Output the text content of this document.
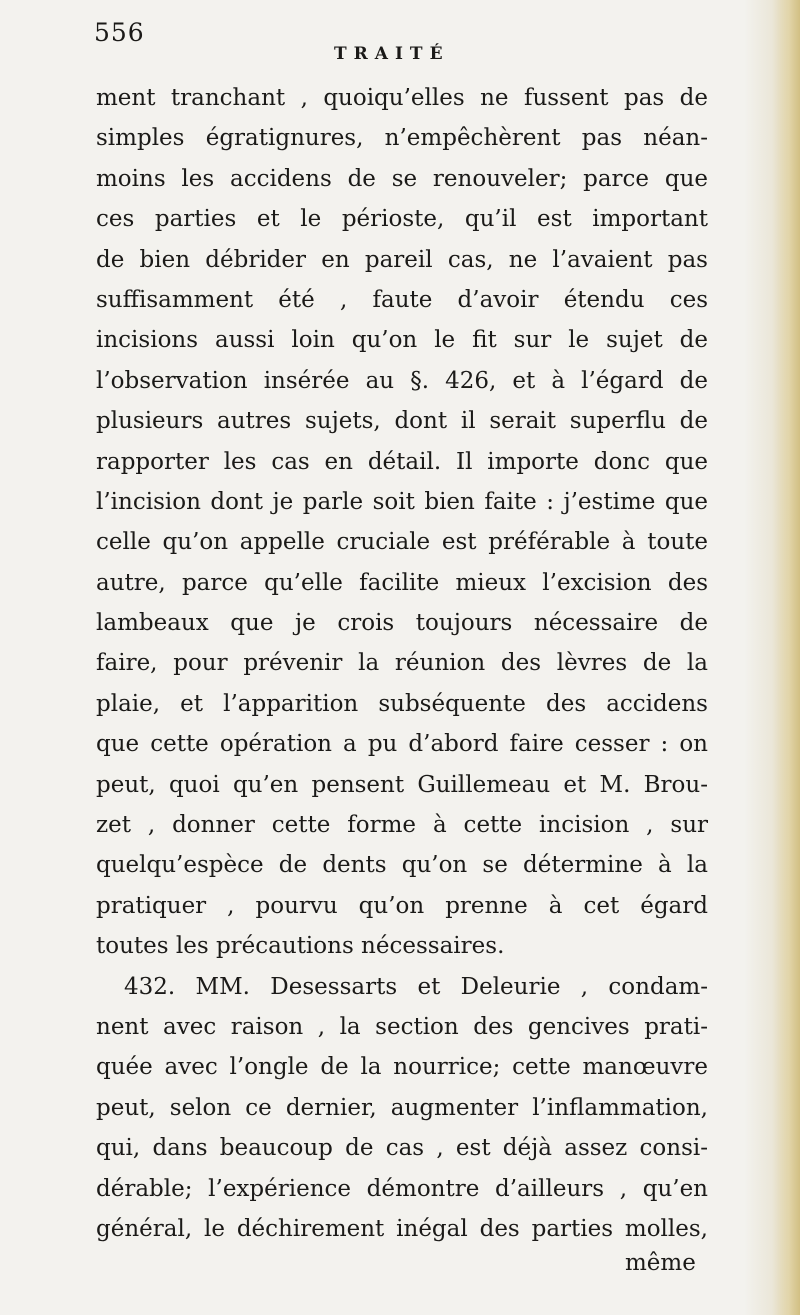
556
TRAITÉ
ment tranchant , quoiqu’elles ne fussent pas de
simples égratignures, n’empêchèrent pas néan-
moins les accidens de se renouveler; parce que
ces parties et le périoste, qu’il est important
de bien débrider en pareil cas, ne l’avaient pas
suffisamment été , faute d’avoir étendu ces
incisions aussi loin qu’on le fit sur le sujet de
l’observation insérée au §. 426, et à l’égard de
plusieurs autres sujets, dont il serait superflu de
rapporter les cas en détail. Il importe donc que
l’incision dont je parle soit bien faite : j’estime que
celle qu’on appelle cruciale est préférable à toute
autre, parce qu’elle facilite mieux l’excision des
lambeaux que je crois toujours nécessaire de
faire, pour prévenir la réunion des lèvres de la
plaie, et l’apparition subséquente des accidens
que cette opération a pu d’abord faire cesser : on
peut, quoi qu’en pensent Guillemeau et M. Brou-
zet , donner cette forme à cette incision , sur
quelqu’espèce de dents qu’on se détermine à la
pratiquer , pourvu qu’on prenne à cet égard
toutes les précautions nécessaires.
432. MM. Desessarts et Deleurie , condam-
nent avec raison , la section des gencives prati-
quée avec l’ongle de la nourrice; cette manœuvre
peut, selon ce dernier, augmenter l’inflammation,
qui, dans beaucoup de cas , est déjà assez consi-
dérable; l’expérience démontre d’ailleurs , qu’en
général, le déchirement inégal des parties molles,
même
